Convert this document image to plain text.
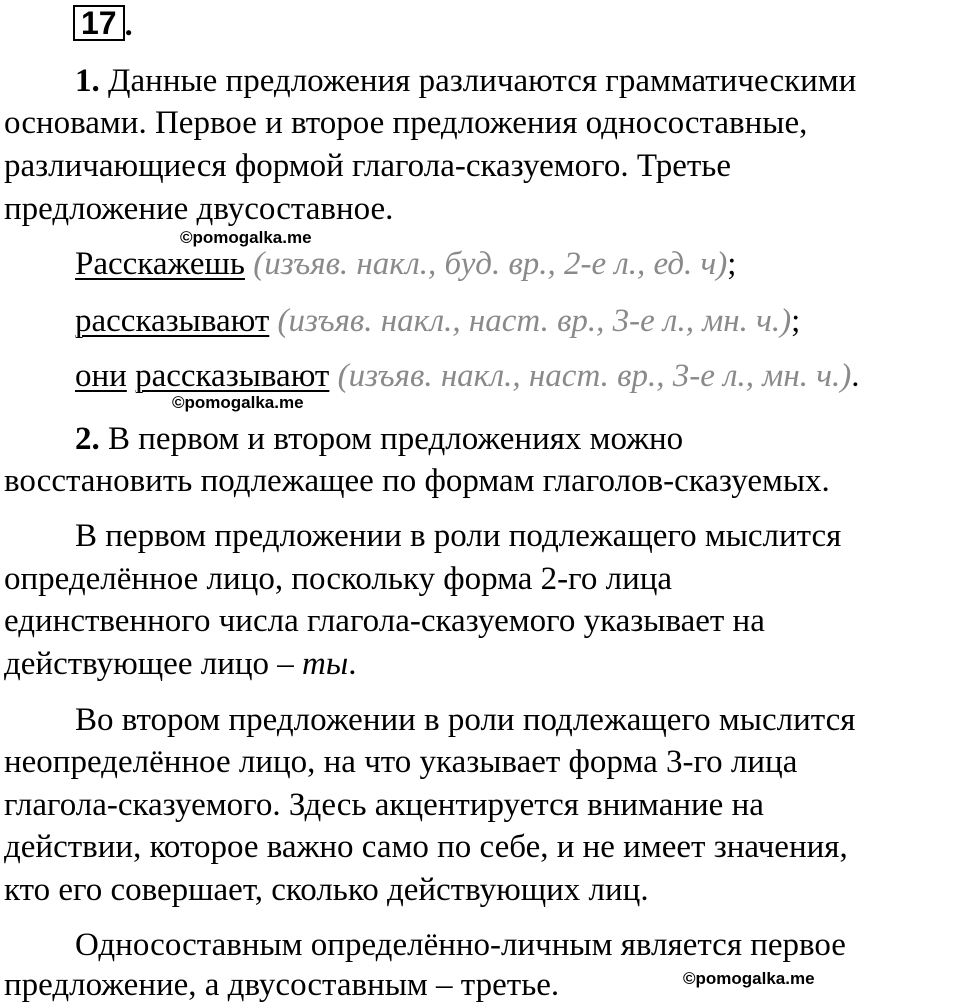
17 .
1. Данные предложения различаются грамматическими
основами. Первое и второе предложения односоставные,
различающиеся формой глагола-сказуемого. Третье
предложение двусоставное.
©pomogalka.me
Расскажешь (изъяв. накл., буд. вр., 2-е л., ед. ч);
рассказывают (изъяв. накл., наст. вр., 3-е л., мн. ч.);
они рассказывают (изъяв. накл., наст. вр., 3-е л., мн. ч.).
©pomogalka.me
2. В первом и втором предложениях можно
восстановить подлежащее по формам глаголов-сказуемых.
В первом предложении в роли подлежащего мыслится
определённое лицо, поскольку форма 2-го лица
единственного числа глагола-сказуемого указывает на
действующее лицо – ты.
Во втором предложении в роли подлежащего мыслится
неопределённое лицо, на что указывает форма 3-го лица
глагола-сказуемого. Здесь акцентируется внимание на
действии, которое важно само по себе, и не имеет значения,
кто его совершает, сколько действующих лиц.
Односоставным определённо-личным является первое
предложение, а двусоставным – третье.	©pomogalka.me
